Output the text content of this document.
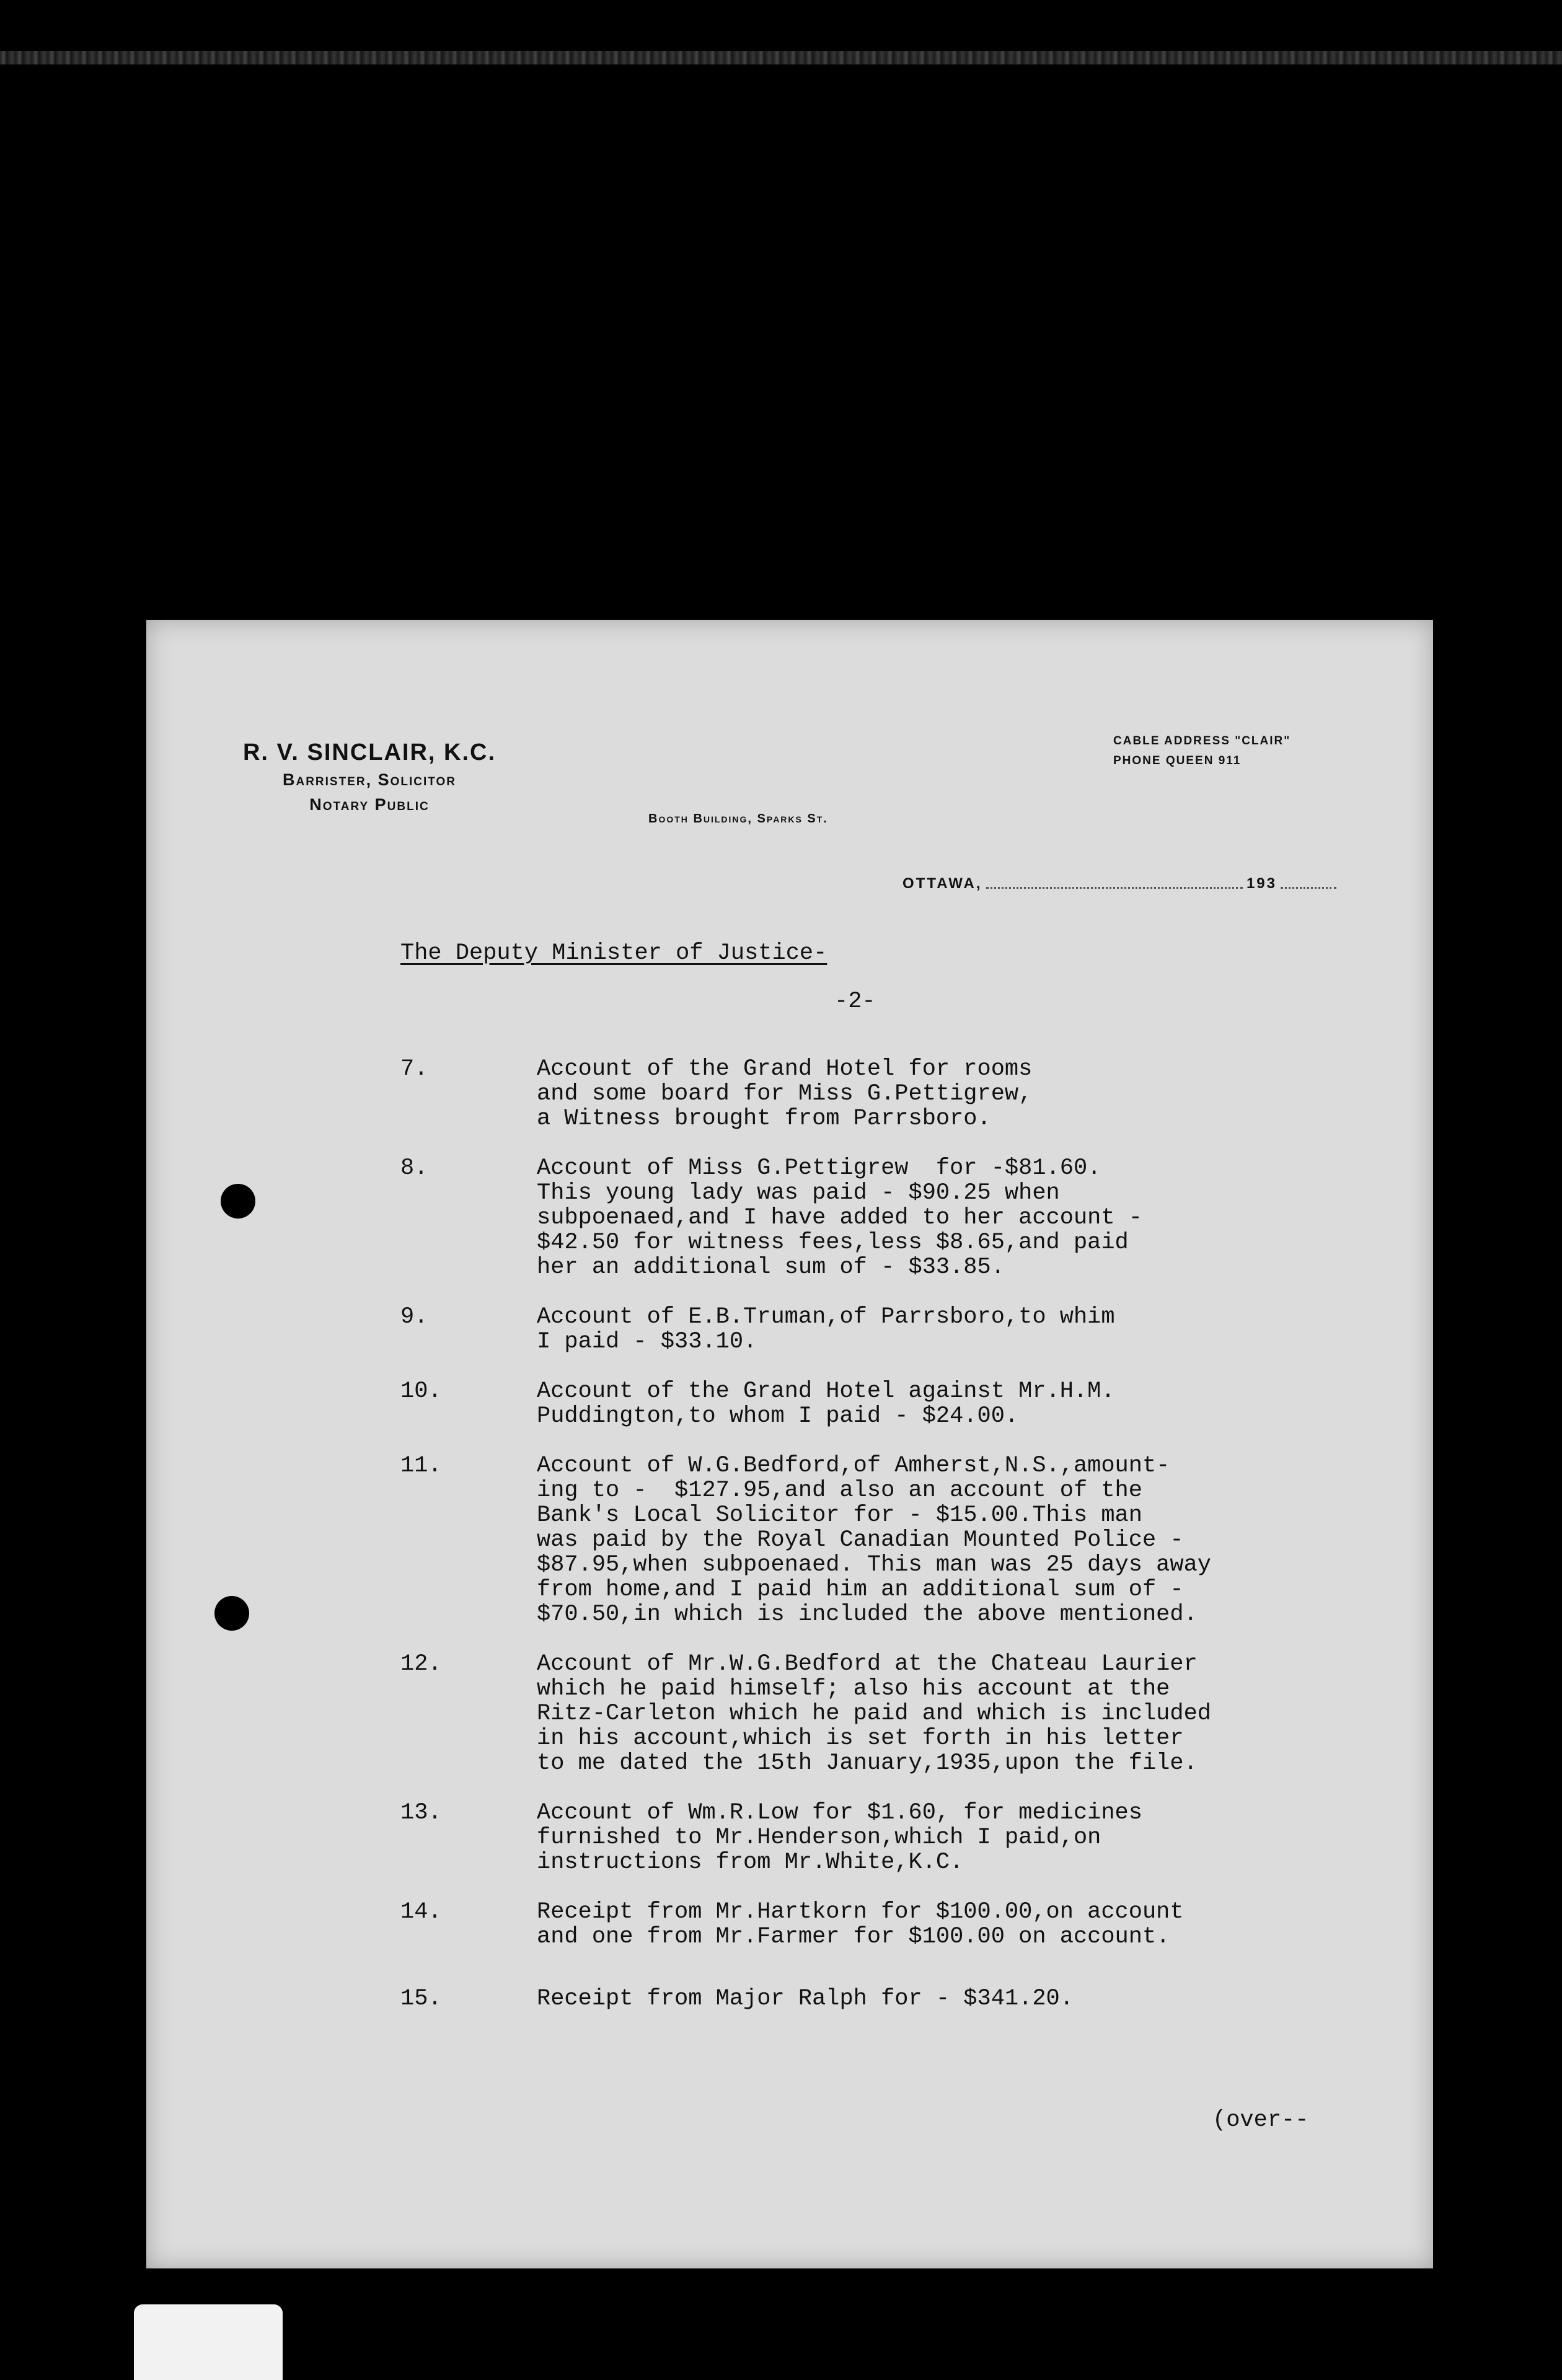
R. V. SINCLAIR, K.C.
Barrister, Solicitor
Notary Public
Booth Building, Sparks St.
CABLE ADDRESS "CLAIR"
PHONE QUEEN 911
OTTAWA,	193
The Deputy Minister of Justice-
-2-
7.	Account of the Grand Hotel for rooms
and some board for Miss G.Pettigrew,
a Witness brought from Parrsboro.
8.	Account of Miss G.Pettigrew  for -$81.60.
This young lady was paid - $90.25 when
subpoenaed,and I have added to her account -
$42.50 for witness fees,less $8.65,and paid
her an additional sum of - $33.85.
9.	Account of E.B.Truman,of Parrsboro,to whim
I paid - $33.10.
10.	Account of the Grand Hotel against Mr.H.M.
Puddington,to whom I paid - $24.00.
11.	Account of W.G.Bedford,of Amherst,N.S.,amount-
ing to -  $127.95,and also an account of the
Bank's Local Solicitor for - $15.00.This man
was paid by the Royal Canadian Mounted Police -
$87.95,when subpoenaed. This man was 25 days away
from home,and I paid him an additional sum of -
$70.50,in which is included the above mentioned.
12.	Account of Mr.W.G.Bedford at the Chateau Laurier
which he paid himself; also his account at the
Ritz-Carleton which he paid and which is included
in his account,which is set forth in his letter
to me dated the 15th January,1935,upon the file.
13.	Account of Wm.R.Low for $1.60, for medicines
furnished to Mr.Henderson,which I paid,on
instructions from Mr.White,K.C.
14.	Receipt from Mr.Hartkorn for $100.00,on account
and one from Mr.Farmer for $100.00 on account.
15.	Receipt from Major Ralph for - $341.20.
(over--
